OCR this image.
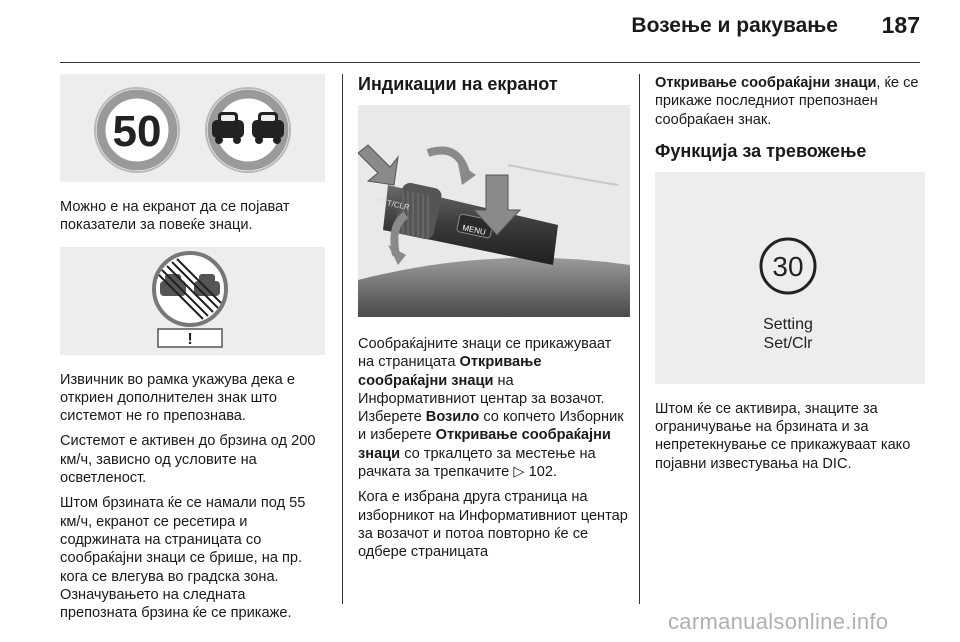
Возење и ракување 187
50

Можно е на екранот да се појават показатели за повеќе знаци.

!

Извичник во рамка укажува дека е откриен дополнителен знак што системот не го препознава.

Системот е активен до брзина од 200 км/ч, зависно од условите на осветленост.

Штом брзината ќе се намали под 55 км/ч, екранот се ресетира и содржината на страницата со сообраќајни знаци се брише, на пр. кога се влегува во градска зона. Означувањето на следната препозната брзина ќе се прикаже.

Индикации на екранот
SET/CLR
MENU

Сообраќајните знаци се прикажуваат на страницата Откривање сообраќајни знаци на Информативниот центар за возачот. Изберете Возило со копчето Изборник и изберете Откривање сообраќајни знаци со тркалцето за местење на рачката за трепкачите ▷ 102.

Кога е избрана друга страница на изборникот на Информативниот центар за возачот и потоа повторно ќе се одбере страницата

Откривање сообраќајни знаци, ќе се прикаже последниот препознаен сообраќаен знак.

Функција за тревожење
30
Setting
Set/Clr

Штом ќе се активира, знаците за ограничување на брзината и за непретекнување се прикажуваат како појавни известувања на DIC.

carmanualsonline.info
